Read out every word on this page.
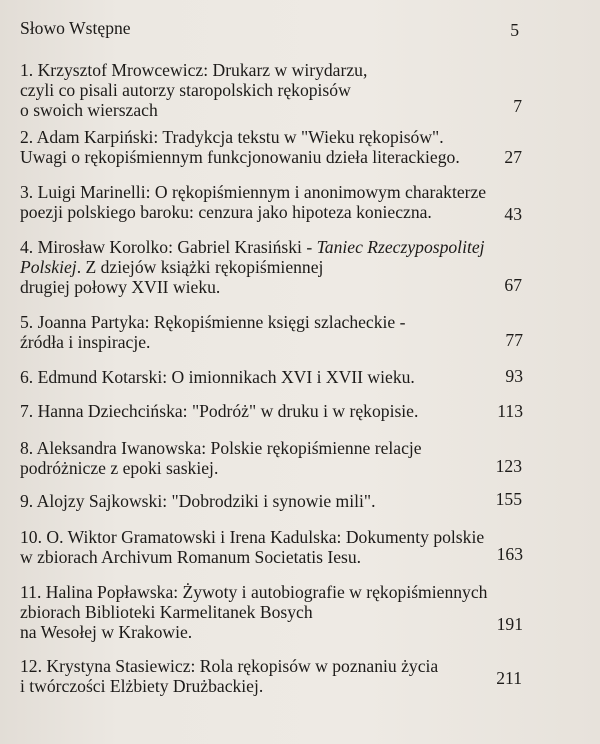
Słowo Wstępne	5
1. Krzysztof Mrowcewicz: Drukarz w wirydarzu,
czyli co pisali autorzy staropolskich rękopisów
o swoich wierszach	7
2. Adam Karpiński: Tradykcja tekstu w "Wieku rękopisów".
Uwagi o rękopiśmiennym funkcjonowaniu dzieła literackiego.	27
3. Luigi Marinelli: O rękopiśmiennym i anonimowym charakterze
poezji polskiego baroku: cenzura jako hipoteza konieczna.	43
4. Mirosław Korolko: Gabriel Krasiński - Taniec Rzeczypospolitej
Polskiej. Z dziejów książki rękopiśmiennej
drugiej połowy XVII wieku.	67
5. Joanna Partyka: Rękopiśmienne księgi szlacheckie -
źródła i inspiracje.	77
6. Edmund Kotarski: O imionnikach XVI i XVII wieku.	93
7. Hanna Dziechcińska: "Podróż" w druku i w rękopisie.	113
8. Aleksandra Iwanowska: Polskie rękopiśmienne relacje
podróżnicze z epoki saskiej.	123
9. Alojzy Sajkowski: "Dobrodziki i synowie mili".	155
10. O. Wiktor Gramatowski i Irena Kadulska: Dokumenty polskie
w zbiorach Archivum Romanum Societatis Iesu.	163
11. Halina Popławska: Żywoty i autobiografie w rękopiśmiennych
zbiorach Biblioteki Karmelitanek Bosych
na Wesołej w Krakowie.	191
12. Krystyna Stasiewicz: Rola rękopisów w poznaniu życia
i twórczości Elżbiety Drużbackiej.	211
